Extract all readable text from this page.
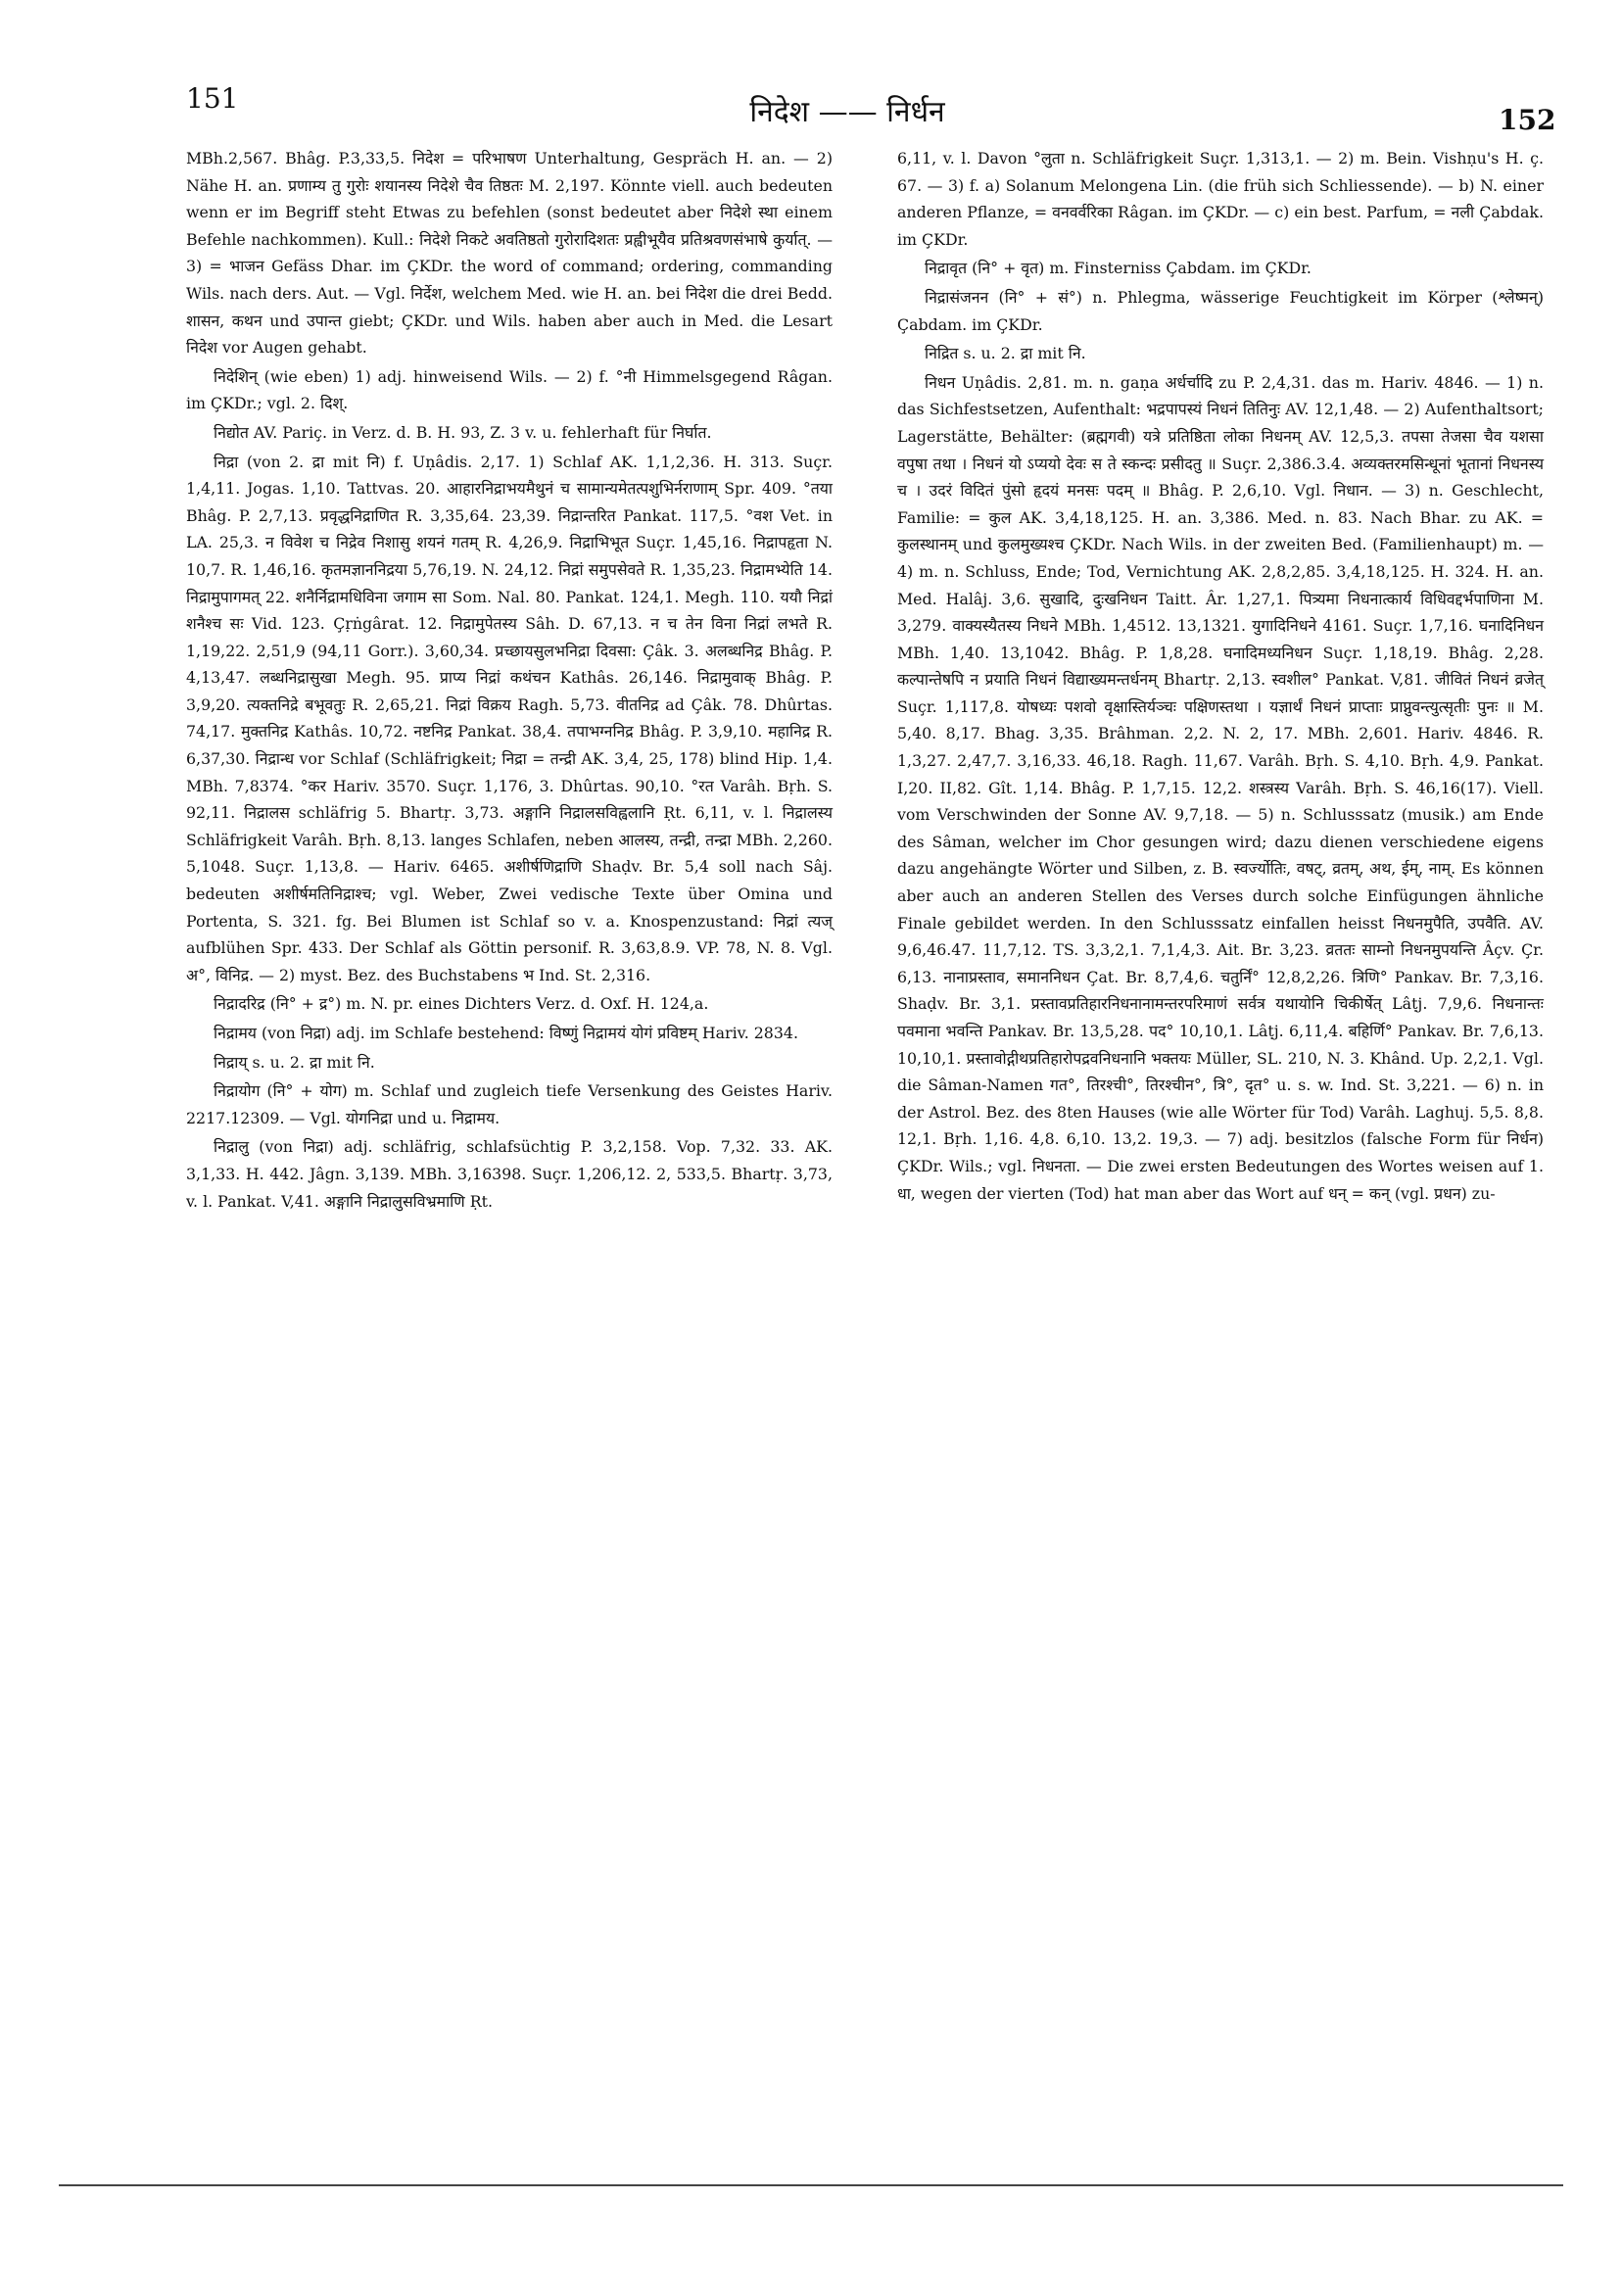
151	निदेश —— निर्धन	152

MBh.2,567. Bhâg. P.3,33,5. निदेश = परिभाषण Unterhaltung, Gespräch H. an. — 2) Nähe H. an. प्रणाम्य तु गुरोः शयानस्य निदेशे चैव तिष्ठतः M. 2,197. Könnte viell. auch bedeuten wenn er im Begriff steht Etwas zu befehlen (sonst bedeutet aber निदेशे स्था einem Befehle nachkommen). Kull.: निदेशे निकटे अवतिष्ठतो गुरोरादिशतः प्रह्वीभूयैव प्रतिश्रवणसंभाषे कुर्यात्. — 3) = भाजन Gefäss Dhar. im ÇKDr. the word of command; ordering, commanding Wils. nach ders. Aut. — Vgl. निर्देश, welchem Med. wie H. an. bei निदेश die drei Bedd. शासन, कथन und उपान्त giebt; ÇKDr. und Wils. haben aber auch in Med. die Lesart निदेश vor Augen gehabt.

निदेशिन् (wie eben) 1) adj. hinweisend Wils. — 2) f. °नी Himmelsgegend Râgan. im ÇKDr.; vgl. 2. दिश्.

निद्योत AV. Pariç. in Verz. d. B. H. 93, Z. 3 v. u. fehlerhaft für निर्घात.

निद्रा (von 2. द्रा mit नि) f. Uṇâdis. 2,17. 1) Schlaf AK. 1,1,2,36. H. 313. Suçr. 1,4,11. Jogas. 1,10. Tattvas. 20. आहारनिद्राभयमैथुनं च सामान्यमेतत्पशुभिर्नराणाम् Spr. 409. °तया Bhâg. P. 2,7,13. प्रवृद्धनिद्राणित R. 3,35,64. 23,39. निद्रान्तरित Pankat. 117,5. °वश Vet. in LA. 25,3. न विवेश च निद्रेव निशासु शयनं गतम् R. 4,26,9. निद्राभिभूत Suçr. 1,45,16. निद्रापहृता N. 10,7. R. 1,46,16. कृतमज्ञाननिद्रया 5,76,19. N. 24,12. निद्रां समुपसेवते R. 1,35,23. निद्रामभ्येति 14. निद्रामुपागमत् 22. शनैर्निद्रामधिविना जगाम सा Som. Nal. 80. Pankat. 124,1. Megh. 110. ययौ निद्रां शनैश्च सः Vid. 123. Çṛṅgârat. 12. निद्रामुपेतस्य Sâh. D. 67,13. न च तेन विना निद्रां लभते R. 1,19,22. 2,51,9 (94,11 Gorr.). 3,60,34. प्रच्छायसुलभनिद्रा दिवसा: Çâk. 3. अलब्धनिद्र Bhâg. P. 4,13,47. लब्धनिद्रासुखा Megh. 95. प्राप्य निद्रां कथंचन Kathâs. 26,146. निद्रामुवाक् Bhâg. P. 3,9,20. त्यक्तनिद्रे बभूवतुः R. 2,65,21. निद्रां विक्रय Ragh. 5,73. वीतनिद्र ad Çâk. 78. Dhûrtas. 74,17. मुक्तनिद्र Kathâs. 10,72. नष्टनिद्र Pankat. 38,4. तपाभग्ननिद्र Bhâg. P. 3,9,10. महानिद्र R. 6,37,30. निद्रान्ध vor Schlaf (Schläfrigkeit; निद्रा = तन्द्री AK. 3,4, 25, 178) blind Hip. 1,4. MBh. 7,8374. °कर Hariv. 3570. Suçr. 1,176, 3. Dhûrtas. 90,10. °रत Varâh. Bṛh. S. 92,11. निद्रालस schläfrig 5. Bhartṛ. 3,73. अङ्गानि निद्रालसविह्वलानि Ṛt. 6,11, v. l. निद्रालस्य Schläfrigkeit Varâh. Bṛh. 8,13. langes Schlafen, neben आलस्य, तन्द्री, तन्द्रा MBh. 2,260. 5,1048. Suçr. 1,13,8. — Hariv. 6465. अशीर्षणिद्राणि Shaḍv. Br. 5,4 soll nach Sâj. bedeuten अशीर्षमतिनिद्राश्च; vgl. Weber, Zwei vedische Texte über Omina und Portenta, S. 321. fg. Bei Blumen ist Schlaf so v. a. Knospenzustand: निद्रां त्यज् aufblühen Spr. 433. Der Schlaf als Göttin personif. R. 3,63,8.9. VP. 78, N. 8. Vgl. अ°, विनिद्र. — 2) myst. Bez. des Buchstabens भ Ind. St. 2,316.

निद्रादरिद्र (नि° + द्र°) m. N. pr. eines Dichters Verz. d. Oxf. H. 124,a.

निद्रामय (von निद्रा) adj. im Schlafe bestehend: विष्णुं निद्रामयं योगं प्रविष्टम् Hariv. 2834.

निद्राय् s. u. 2. द्रा mit नि.

निद्रायोग (नि° + योग) m. Schlaf und zugleich tiefe Versenkung des Geistes Hariv. 2217.12309. — Vgl. योगनिद्रा und u. निद्रामय.

निद्रालु (von निद्रा) adj. schläfrig, schlafsüchtig P. 3,2,158. Vop. 7,32. 33. AK. 3,1,33. H. 442. Jâgn. 3,139. MBh. 3,16398. Suçr. 1,206,12. 2, 533,5. Bhartṛ. 3,73, v. l. Pankat. V,41. अङ्गानि निद्रालुसविभ्रमाणि Ṛt.

6,11, v. l. Davon °लुता n. Schläfrigkeit Suçr. 1,313,1. — 2) m. Bein. Vishṇu's H. ç. 67. — 3) f. a) Solanum Melongena Lin. (die früh sich Schliessende). — b) N. einer anderen Pflanze, = वनवर्वरिका Râgan. im ÇKDr. — c) ein best. Parfum, = नली Çabdak. im ÇKDr.

निद्रावृत (नि° + वृत) m. Finsterniss Çabdam. im ÇKDr.

निद्रासंजनन (नि° + सं°) n. Phlegma, wässerige Feuchtigkeit im Körper (श्लेष्मन्) Çabdam. im ÇKDr.

निद्रित s. u. 2. द्रा mit नि.

निधन Uṇâdis. 2,81. m. n. gaṇa अर्धर्चादि zu P. 2,4,31. das m. Hariv. 4846. — 1) n. das Sichfestsetzen, Aufenthalt: भद्रपापस्यं निधनं तितिनुः AV. 12,1,48. — 2) Aufenthaltsort; Lagerstätte, Behälter: (ब्रह्मगवी) यत्रे प्रतिष्ठिता लोका निधनम् AV. 12,5,3. तपसा तेजसा चैव यशसा वपुषा तथा । निधनं यो ऽप्ययो देवः स ते स्कन्दः प्रसीदतु ॥ Suçr. 2,386.3.4. अव्यक्तरमसिन्धूनां भूतानां निधनस्य च । उदरं विदितं पुंसो हृदयं मनसः पदम् ॥ Bhâg. P. 2,6,10. Vgl. निधान. — 3) n. Geschlecht, Familie: = कुल AK. 3,4,18,125. H. an. 3,386. Med. n. 83. Nach Bhar. zu AK. = कुलस्थानम् und कुलमुख्यश्च ÇKDr. Nach Wils. in der zweiten Bed. (Familienhaupt) m. — 4) m. n. Schluss, Ende; Tod, Vernichtung AK. 2,8,2,85. 3,4,18,125. H. 324. H. an. Med. Halâj. 3,6. सुखादि, दुःखनिधन Taitt. Âr. 1,27,1. पित्र्यमा निधनात्कार्य विधिवद्दर्भपाणिना M. 3,279. वाक्यस्यैतस्य निधने MBh. 1,4512. 13,1321. युगादिनिधने 4161. Suçr. 1,7,16. घनादिनिधन MBh. 1,40. 13,1042. Bhâg. P. 1,8,28. घनादिमध्यनिधन Suçr. 1,18,19. Bhâg. 2,28. कल्पान्तेषपि न प्रयाति निधनं विद्याख्यमन्तर्धनम् Bhartṛ. 2,13. स्वशील° Pankat. V,81. जीवितं निधनं व्रजेत् Suçr. 1,117,8. योषध्यः पशवो वृक्षास्तिर्यञ्चः पक्षिणस्तथा । यज्ञार्थं निधनं प्राप्ताः प्राप्नुवन्त्युत्सृतीः पुनः ॥ M. 5,40. 8,17. Bhag. 3,35. Brâhman. 2,2. N. 2, 17. MBh. 2,601. Hariv. 4846. R. 1,3,27. 2,47,7. 3,16,33. 46,18. Ragh. 11,67. Varâh. Bṛh. S. 4,10. Bṛh. 4,9. Pankat. I,20. II,82. Gît. 1,14. Bhâg. P. 1,7,15. 12,2. शस्त्रस्य Varâh. Bṛh. S. 46,16(17). Viell. vom Verschwinden der Sonne AV. 9,7,18. — 5) n. Schlusssatz (musik.) am Ende des Sâman, welcher im Chor gesungen wird; dazu dienen verschiedene eigens dazu angehängte Wörter und Silben, z. B. स्वर्ज्योतिः, वषट्, व्रतम्, अथ, ईम्, नाम्. Es können aber auch an anderen Stellen des Verses durch solche Einfügungen ähnliche Finale gebildet werden. In den Schlusssatz einfallen heisst निधनमुपैति, उपवैति. AV. 9,6,46.47. 11,7,12. TS. 3,3,2,1. 7,1,4,3. Ait. Br. 3,23. व्रततः साम्नो निधनमुपयन्ति Âçv. Çr. 6,13. नानाप्रस्ताव, समाननिधन Çat. Br. 8,7,4,6. चतुर्निं° 12,8,2,26. त्रिणि° Pankav. Br. 7,3,16. Shaḍv. Br. 3,1. प्रस्तावप्रतिहारनिधनानामन्तरपरिमाणं सर्वत्र यथायोनि चिकीर्षेत् Lâṭj. 7,9,6. निधनान्तः पवमाना भवन्ति Pankav. Br. 13,5,28. पद° 10,10,1. Lâṭj. 6,11,4. बहिर्णि° Pankav. Br. 7,6,13. 10,10,1. प्रस्तावोद्गीथप्रतिहारोपद्रवनिधनानि भक्तयः Müller, SL. 210, N. 3. Khând. Up. 2,2,1. Vgl. die Sâman-Namen गत°, तिरश्ची°, तिरश्चीन°, त्रि°, दृत° u. s. w. Ind. St. 3,221. — 6) n. in der Astrol. Bez. des 8ten Hauses (wie alle Wörter für Tod) Varâh. Laghuj. 5,5. 8,8. 12,1. Bṛh. 1,16. 4,8. 6,10. 13,2. 19,3. — 7) adj. besitzlos (falsche Form für निर्धन) ÇKDr. Wils.; vgl. निधनता. — Die zwei ersten Bedeutungen des Wortes weisen auf 1. धा, wegen der vierten (Tod) hat man aber das Wort auf धन् = कन् (vgl. प्रधन) zu-
